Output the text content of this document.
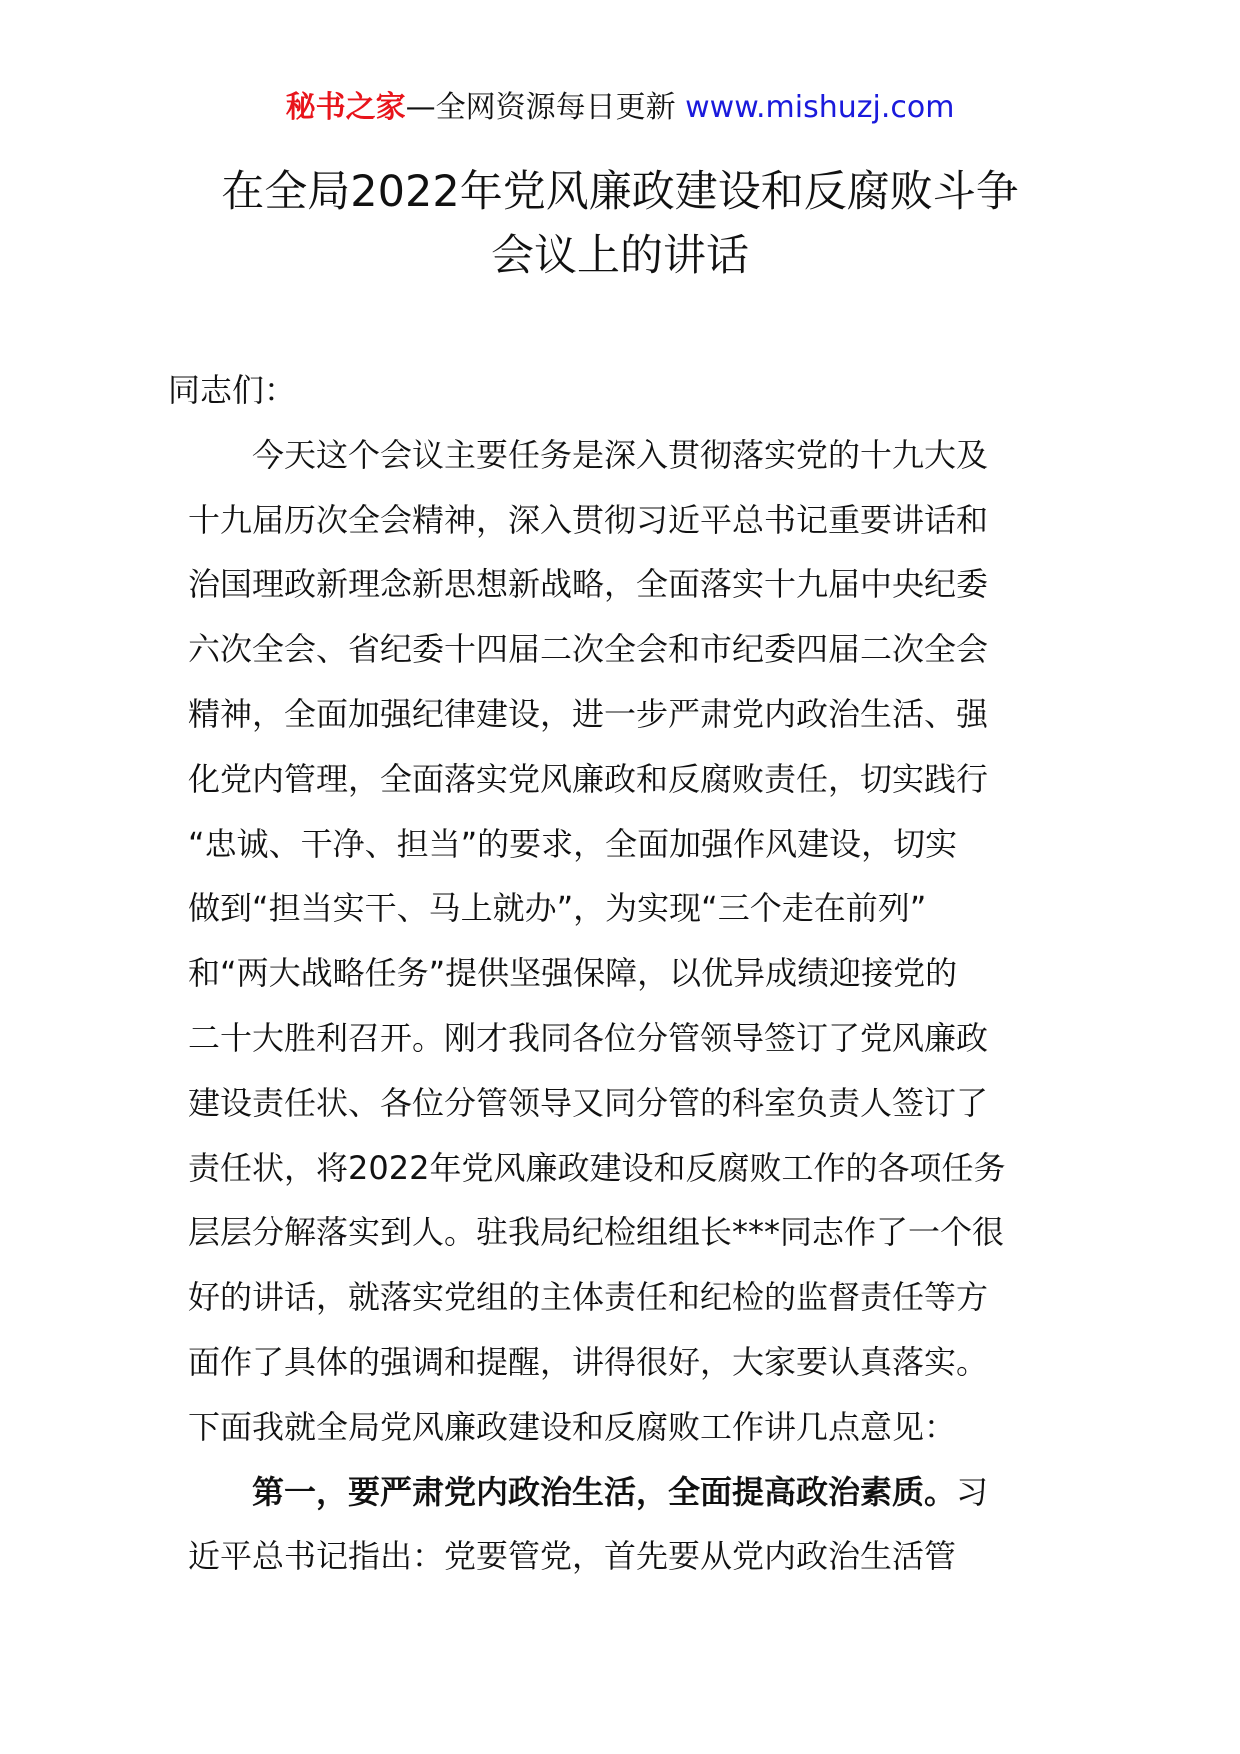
秘书之家—全网资源每日更新 www.mishuzj.com
在全局2022年党风廉政建设和反腐败斗争
会议上的讲话
同志们：
今天这个会议主要任务是深入贯彻落实党的十九大及
十九届历次全会精神，深入贯彻习近平总书记重要讲话和
治国理政新理念新思想新战略，全面落实十九届中央纪委
六次全会、省纪委十四届二次全会和市纪委四届二次全会
精神，全面加强纪律建设，进一步严肃党内政治生活、强
化党内管理，全面落实党风廉政和反腐败责任，切实践行
“忠诚、干净、担当”的要求，全面加强作风建设，切实
做到“担当实干、马上就办”，为实现“三个走在前列”
和“两大战略任务”提供坚强保障，以优异成绩迎接党的
二十大胜利召开。刚才我同各位分管领导签订了党风廉政
建设责任状、各位分管领导又同分管的科室负责人签订了
责任状，将2022年党风廉政建设和反腐败工作的各项任务
层层分解落实到人。驻我局纪检组组长***同志作了一个很
好的讲话，就落实党组的主体责任和纪检的监督责任等方
面作了具体的强调和提醒，讲得很好，大家要认真落实。
下面我就全局党风廉政建设和反腐败工作讲几点意见：
第一，要严肃党内政治生活，全面提高政治素质。习
近平总书记指出：党要管党，首先要从党内政治生活管
